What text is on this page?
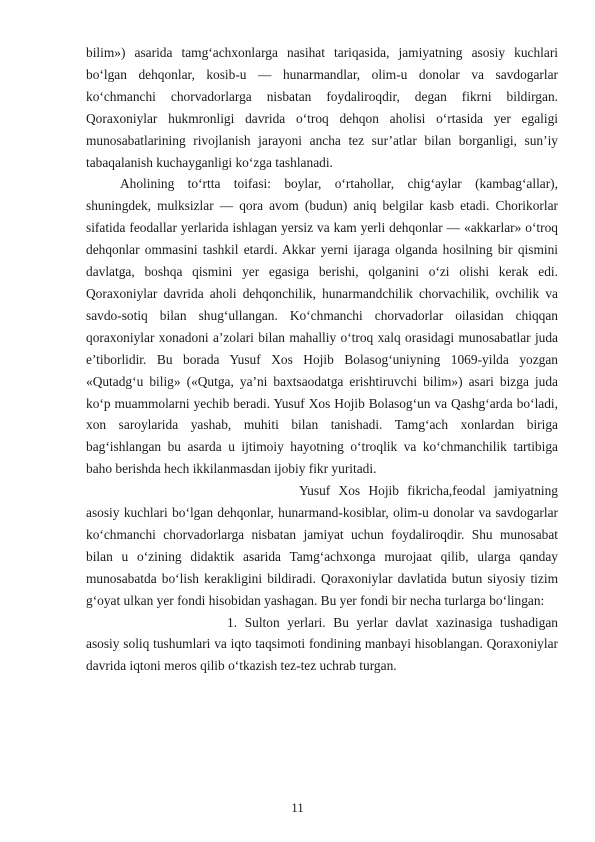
bilim») asarida tamg‘achxonlarga nasihat tariqasida, jamiyatning asosiy kuchlari bo‘lgan dehqonlar, kosib-u — hunarmandlar, olim-u donolar va savdogarlar ko‘chmanchi chorvadorlarga nisbatan foydaliroqdir, degan fikrni bildirgan. Qoraxoniylar hukmronligi davrida o‘troq dehqon aholisi o‘rtasida yer egaligi munosabatlarining rivojlanish jarayoni ancha tez sur’atlar bilan borganligi, sun’iy tabaqalanish kuchayganligi ko‘zga tashlanadi.

Aholining to‘rtta toifasi: boylar, o‘rtahollar, chig‘aylar (kambag‘allar), shuningdek, mulksizlar — qora avom (budun) aniq belgilar kasb etadi. Chorikorlar sifatida feodallar yerlarida ishlagan yersiz va kam yerli dehqonlar — «akkarlar» o‘troq dehqonlar ommasini tashkil etardi. Akkar yerni ijaraga olganda hosilning bir qismini davlatga, boshqa qismini yer egasiga berishi, qolganini o‘zi olishi kerak edi. Qoraxoniylar davrida aholi dehqonchilik, hunarmandchilik chorvachilik, ovchilik va savdo-sotiq bilan shug‘ullangan. Ko‘chmanchi chorvadorlar oilasidan chiqqan qoraxoniylar xonadoni a’zolari bilan mahalliy o‘troq xalq orasidagi munosabatlar juda e’tiborlidir. Bu borada Yusuf Xos Hojib Bolasog‘uniyning 1069-yilda yozgan «Qutadg‘u bilig» («Qutga, ya’ni baxtsaodatga erishtiruvchi bilim») asari bizga juda ko‘p muammolarni yechib beradi. Yusuf Xos Hojib Bolasog‘un va Qashg‘arda bo‘ladi, xon saroylarida yashab, muhiti bilan tanishadi. Tamg‘ach xonlardan biriga bag‘ishlangan bu asarda u ijtimoiy hayotning o‘troqlik va ko‘chmanchilik tartibiga baho berishda hech ikkilanmasdan ijobiy fikr yuritadi.

Yusuf Xos Hojib fikricha,feodal jamiyatning asosiy kuchlari bo‘lgan dehqonlar, hunarmand-kosiblar, olim-u donolar va savdogarlar ko‘chmanchi chorvadorlarga nisbatan jamiyat uchun foydaliroqdir. Shu munosabat bilan u o‘zining didaktik asarida Tamg‘achxonga murojaat qilib, ularga qanday munosabatda bo‘lish kerakligini bildiradi. Qoraxoniylar davlatida butun siyosiy tizim g‘oyat ulkan yer fondi hisobidan yashagan. Bu yer fondi bir necha turlarga bo‘lingan:

1. Sulton yerlari. Bu yerlar davlat xazinasiga tushadigan asosiy soliq tushumlari va iqto taqsimoti fondining manbayi hisoblangan. Qoraxoniylar davrida iqtoni meros qilib o‘tkazish tez-tez uchrab turgan.

11
